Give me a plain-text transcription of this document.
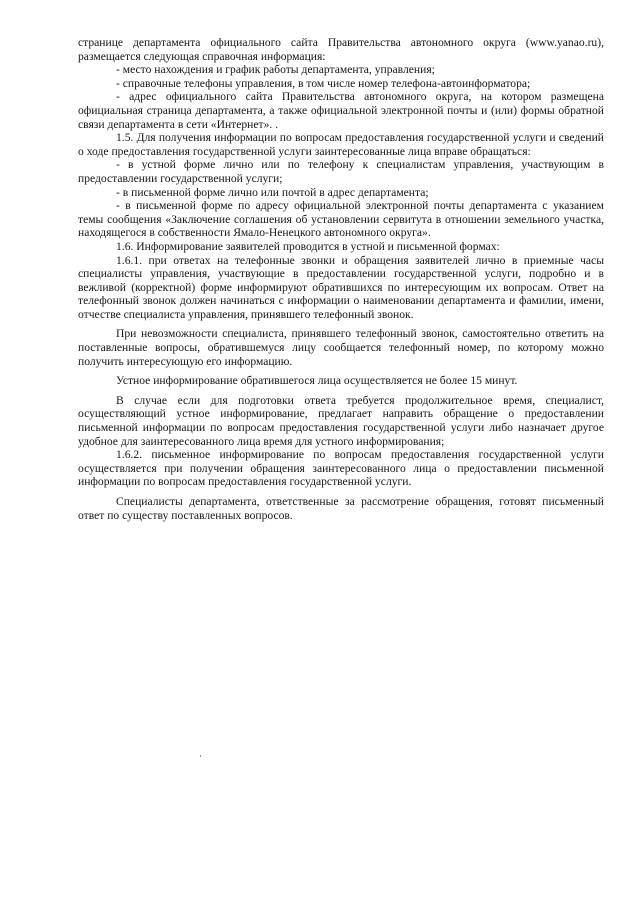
странице департамента официального сайта Правительства автономного округа (www.yanao.ru), размещается следующая справочная информация:

- место нахождения и график работы департамента, управления;

- справочные телефоны управления, в том числе номер телефона-автоинформатора;

- адрес официального сайта Правительства автономного округа, на котором размещена официальная страница департамента, а также официальной электронной почты и (или) формы обратной связи департамента в сети «Интернет». .

1.5. Для получения информации по вопросам предоставления государственной услуги и сведений о ходе предоставления государственной услуги заинтересованные лица вправе обращаться:

- в устной форме лично или по телефону к специалистам управления, участвующим в предоставлении государственной услуги;

- в письменной форме лично или почтой в адрес департамента;

- в письменной форме по адресу официальной электронной почты департамента с указанием темы сообщения «Заключение соглашения об установлении сервитута в отношении земельного участка, находящегося в собственности Ямало-Ненецкого автономного округа».

1.6. Информирование заявителей проводится в устной и письменной формах:

1.6.1. при ответах на телефонные звонки и обращения заявителей лично в приемные часы специалисты управления, участвующие в предоставлении государственной услуги, подробно и в вежливой (корректной) форме информируют обратившихся по интересующим их вопросам. Ответ на телефонный звонок должен начинаться с информации о наименовании департамента и фамилии, имени, отчестве специалиста управления, принявшего телефонный звонок.

При невозможности специалиста, принявшего телефонный звонок, самостоятельно ответить на поставленные вопросы, обратившемуся лицу сообщается телефонный номер, по которому можно получить интересующую его информацию.

Устное информирование обратившегося лица осуществляется не более 15 минут.

В случае если для подготовки ответа требуется продолжительное время, специалист, осуществляющий устное информирование, предлагает направить обращение о предоставлении письменной информации по вопросам предоставления государственной услуги либо назначает другое удобное для заинтересованного лица время для устного информирования;

1.6.2. письменное информирование по вопросам предоставления государственной услуги осуществляется при получении обращения заинтересованного лица о предоставлении письменной информации по вопросам предоставления государственной услуги.

Специалисты департамента, ответственные за рассмотрение обращения, готовят письменный ответ по существу поставленных вопросов.
